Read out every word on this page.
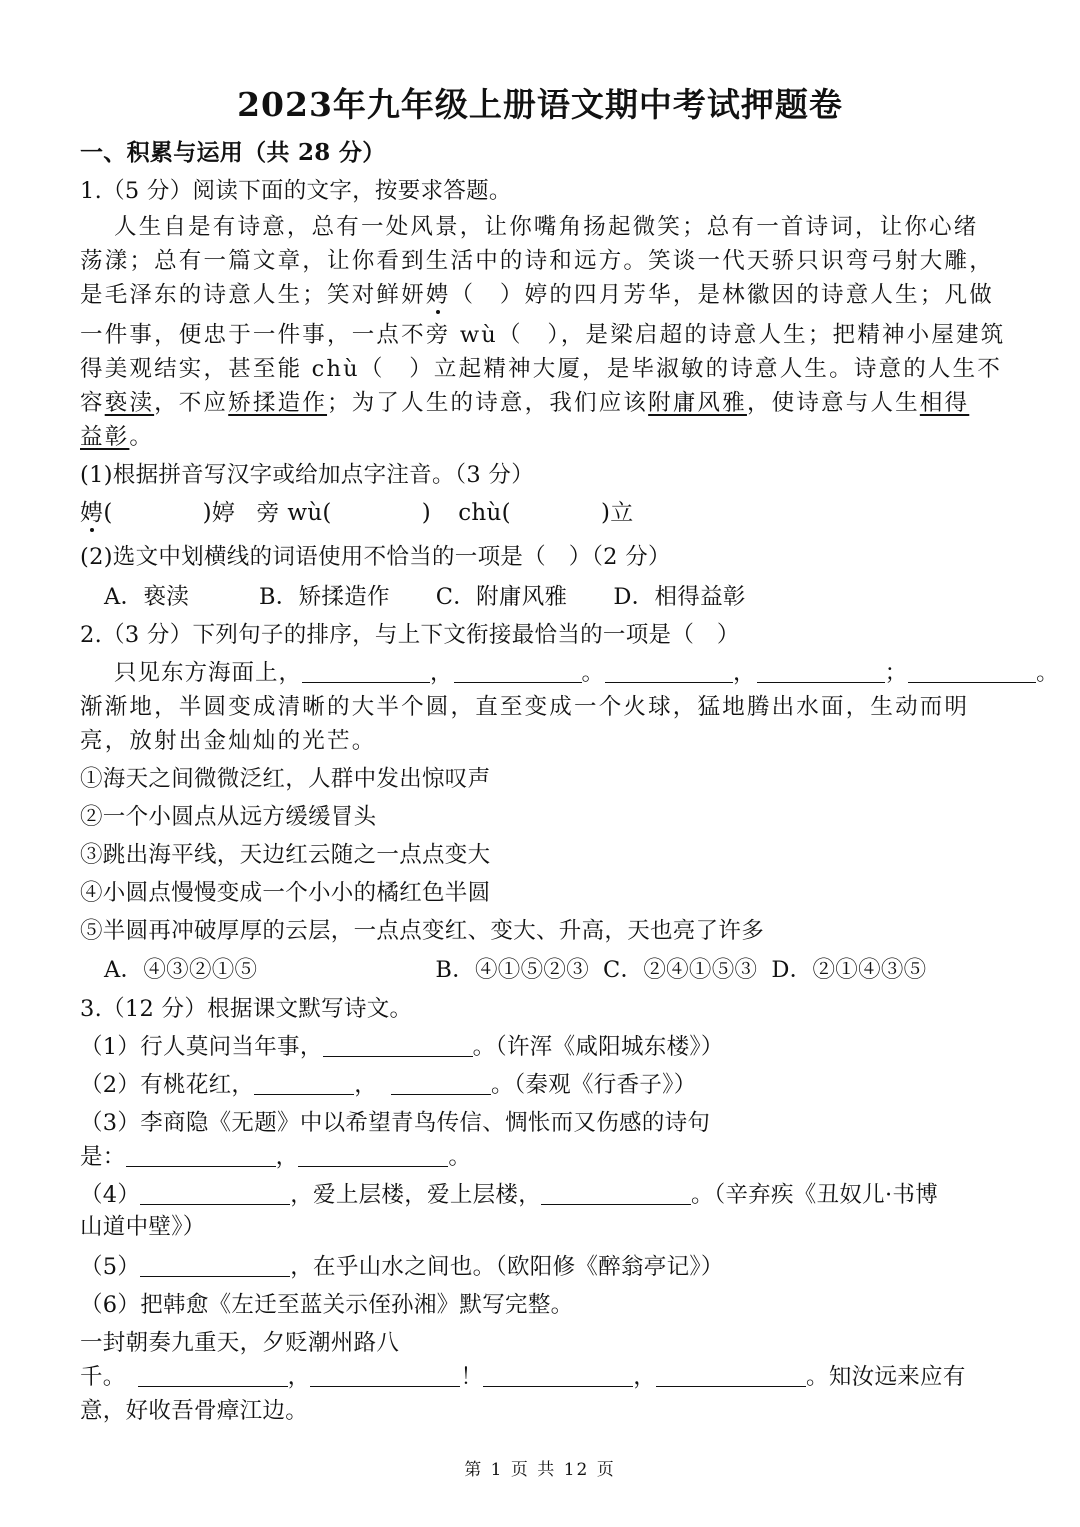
2023年九年级上册语文期中考试押题卷
一、积累与运用（共 28 分）
1.（5 分）阅读下面的文字，按要求答题。
人生自是有诗意，总有一处风景，让你嘴角扬起微笑；总有一首诗词，让你心绪
荡漾；总有一篇文章，让你看到生活中的诗和远方。笑谈一代天骄只识弯弓射大雕，
是毛泽东的诗意人生；笑对鲜妍娉（　）婷的四月芳华，是林徽因的诗意人生；凡做
一件事，便忠于一件事，一点不旁 wù（　），是梁启超的诗意人生；把精神小屋建筑
得美观结实，甚至能 chù（　）立起精神大厦，是毕淑敏的诗意人生。诗意的人生不
容亵渎，不应矫揉造作；为了人生的诗意，我们应该附庸风雅，使诗意与人生相得
益彰。
(1)根据拼音写汉字或给加点字注音。（3 分）
娉(	)婷 旁 wù(	) chù(	)立
(2)选文中划横线的词语使用不恰当的一项是（　）（2 分）
A．亵渎	B．矫揉造作 C．附庸风雅 D．相得益彰
2.（3 分）下列句子的排序，与上下文衔接最恰当的一项是（　）
只见东方海面上，	，	。	，	；	。
渐渐地，半圆变成清晰的大半个圆，直至变成一个火球，猛地腾出水面，生动而明
亮，放射出金灿灿的光芒。
①海天之间微微泛红，人群中发出惊叹声
②一个小圆点从远方缓缓冒头
③跳出海平线，天边红云随之一点点变大
④小圆点慢慢变成一个小小的橘红色半圆
⑤半圆再冲破厚厚的云层，一点点变红、变大、升高，天也亮了许多
A．④③②①⑤	B．④①⑤②③ C．②④①⑤③ D．②①④③⑤
3.（12 分）根据课文默写诗文。
（1）行人莫问当年事，	。（许浑《咸阳城东楼》）
（2）有桃花红，	，	。（秦观《行香子》）
（3）李商隐《无题》中以希望青鸟传信、惆怅而又伤感的诗句
是：	，	。
（4）	，爱上层楼，爱上层楼，	。（辛弃疾《丑奴儿·书博
山道中壁》）
（5）	，在乎山水之间也。（欧阳修《醉翁亭记》）
（6）把韩愈《左迁至蓝关示侄孙湘》默写完整。
一封朝奏九重天，夕贬潮州路八
千。	，	！	，	。知汝远来应有
意，好收吾骨瘴江边。
第 1 页 共 12 页
